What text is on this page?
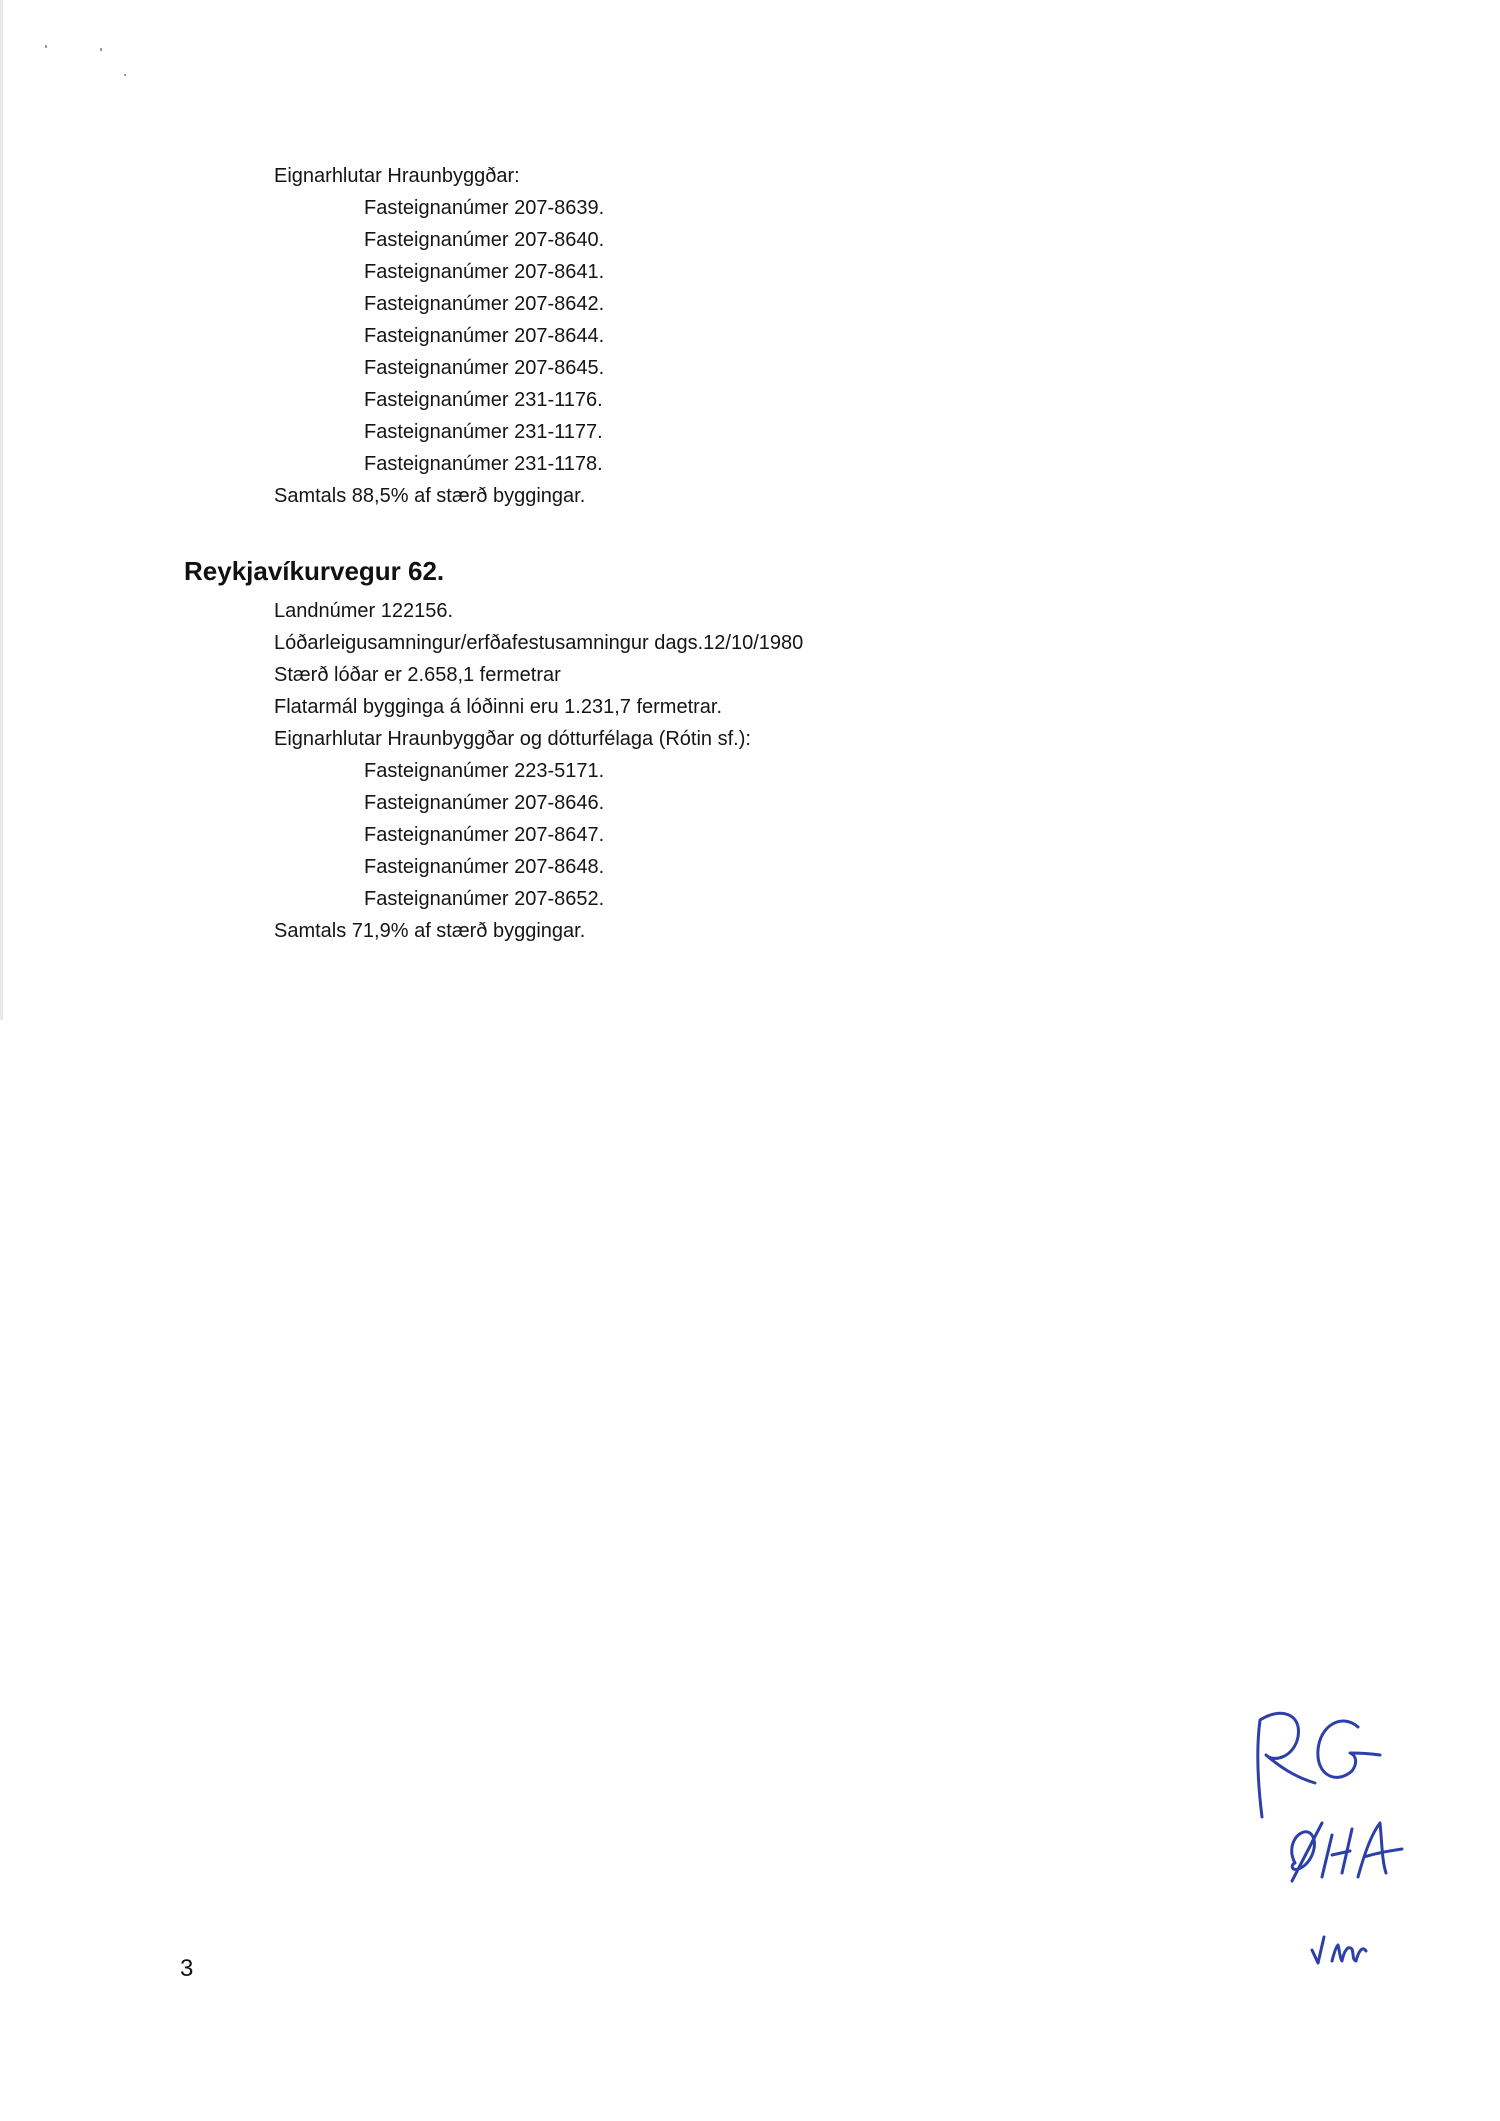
Eignarhlutar Hraunbyggðar:
Fasteignanúmer 207-8639.
Fasteignanúmer 207-8640.
Fasteignanúmer 207-8641.
Fasteignanúmer 207-8642.
Fasteignanúmer 207-8644.
Fasteignanúmer 207-8645.
Fasteignanúmer 231-1176.
Fasteignanúmer 231-1177.
Fasteignanúmer 231-1178.
Samtals 88,5% af stærð byggingar.
Reykjavíkurvegur 62.
Landnúmer 122156.
Lóðarleigusamningur/erfðafestusamningur dags.12/10/1980
Stærð lóðar er 2.658,1 fermetrar
Flatarmál bygginga á lóðinni eru 1.231,7 fermetrar.
Eignarhlutar Hraunbyggðar og dótturfélaga (Rótin sf.):
Fasteignanúmer 223-5171.
Fasteignanúmer 207-8646.
Fasteignanúmer 207-8647.
Fasteignanúmer 207-8648.
Fasteignanúmer 207-8652.
Samtals 71,9% af stærð byggingar.
3
